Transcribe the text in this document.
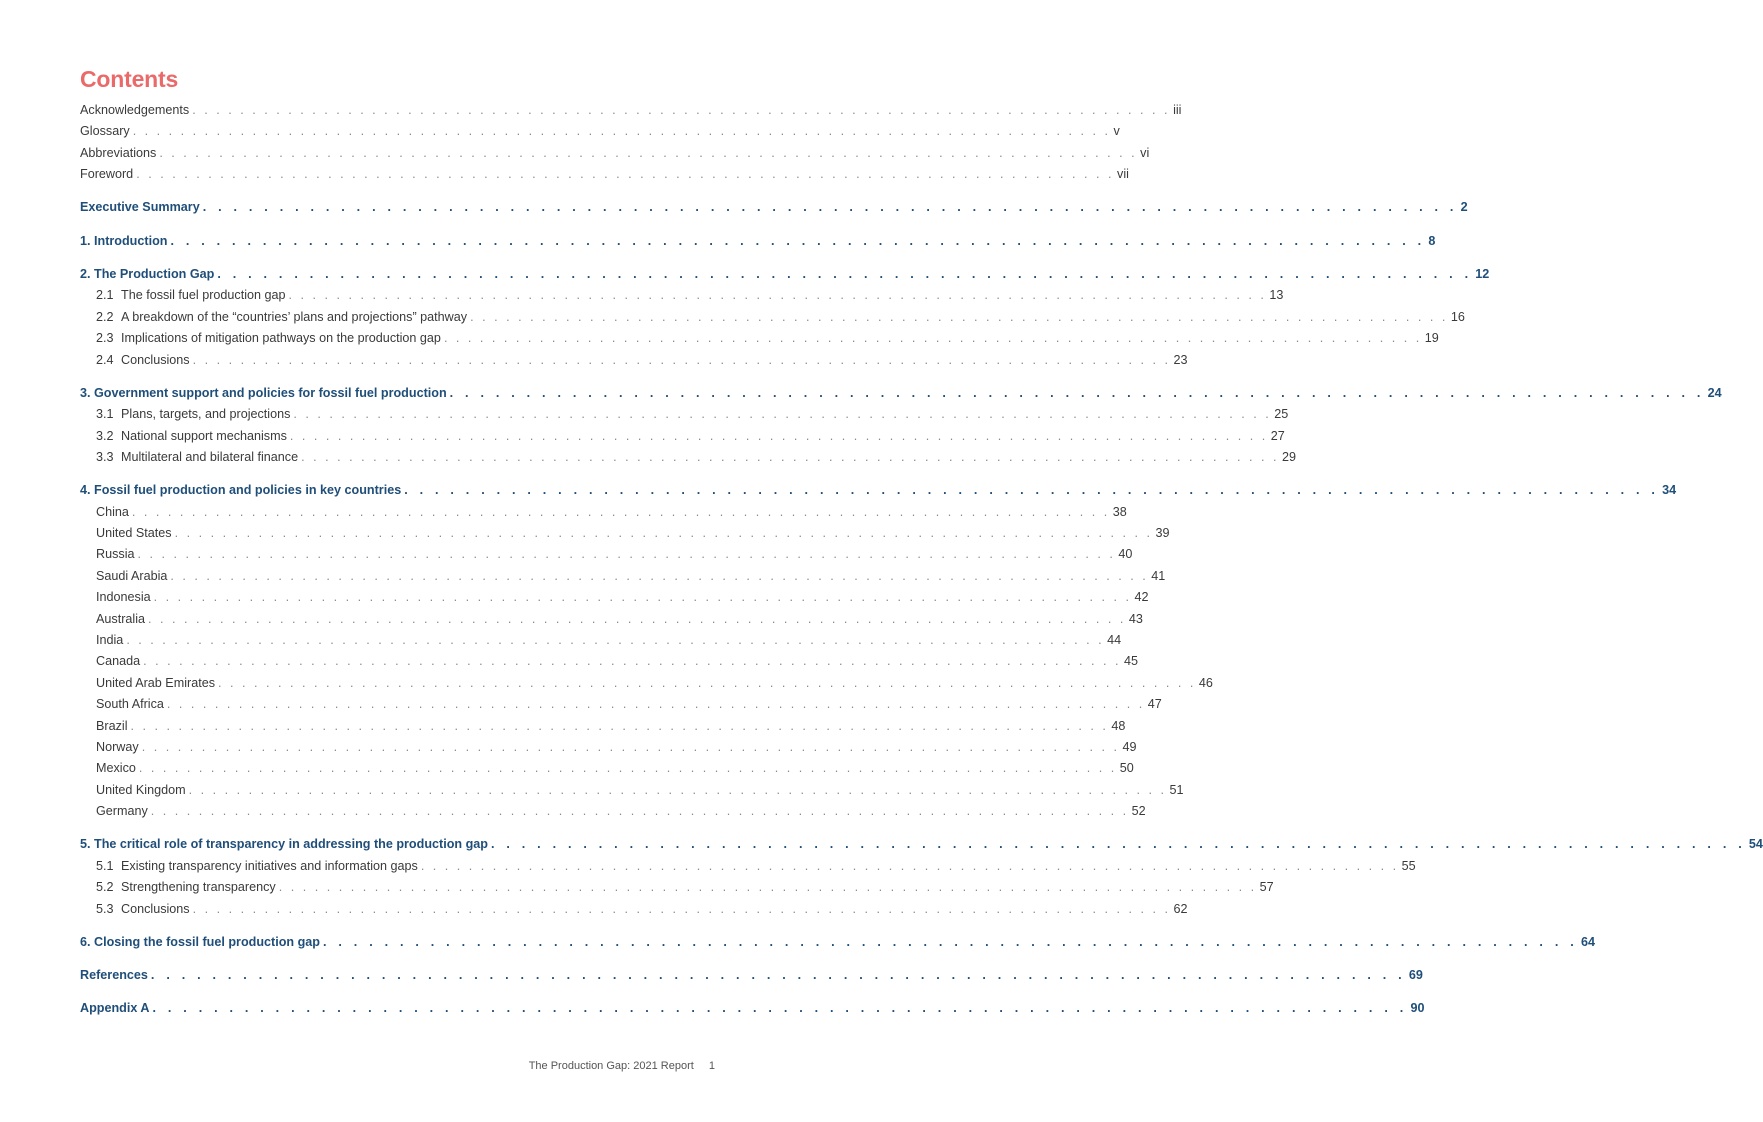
Contents
Acknowledgements . . . . . . . . . . . . . . . . . . . . . . . . . . . . . . . . . . . . . . . . . . . . . . . . . . . . . . . . . . . . . . . . . . . . . . . . . . . . . . . . . . iii
Glossary . . . . . . . . . . . . . . . . . . . . . . . . . . . . . . . . . . . . . . . . . . . . . . . . . . . . . . . . . . . . . . . . . . . . . . . . . . . . . . . . . . v
Abbreviations . . . . . . . . . . . . . . . . . . . . . . . . . . . . . . . . . . . . . . . . . . . . . . . . . . . . . . . . . . . . . . . . . . . . . . . . . . . . . . . . . . vi
Foreword . . . . . . . . . . . . . . . . . . . . . . . . . . . . . . . . . . . . . . . . . . . . . . . . . . . . . . . . . . . . . . . . . . . . . . . . . . . . . . . . . . vii
Executive Summary . . . . . . . . . . . . . . . . . . . . . . . . . . . . . . . . . . . . . . . . . . . . . . . . . . . . . . . . . . . . . . . . . . . . . . . . . . . . . . . . . . 2
1. Introduction . . . . . . . . . . . . . . . . . . . . . . . . . . . . . . . . . . . . . . . . . . . . . . . . . . . . . . . . . . . . . . . . . . . . . . . . . . . . . . . . . . 8
2. The Production Gap . . . . . . . . . . . . . . . . . . . . . . . . . . . . . . . . . . . . . . . . . . . . . . . . . . . . . . . . . . . . . . . . . . . . . . . . . . . . . . . . . . 12
2.1 The fossil fuel production gap . . . . . . . . . . . . . . . . . . . . . . . . . . . . . . . . . . . . . . . . . . . . . . . . . . . . . . . . . . . . . . . . . . . . . . . . . . . . . . . . . . 13
2.2 A breakdown of the “countries’ plans and projections” pathway . . . . . . . . . . . . . . . . . . . . . . . . . . . . . . . . . . . . . . . . . . . . . . . . . . . . . . . . . . . . . . . . . . . . . . . . . . . . . . . . . . 16
2.3 Implications of mitigation pathways on the production gap . . . . . . . . . . . . . . . . . . . . . . . . . . . . . . . . . . . . . . . . . . . . . . . . . . . . . . . . . . . . . . . . . . . . . . . . . . . . . . . . . . 19
2.4 Conclusions . . . . . . . . . . . . . . . . . . . . . . . . . . . . . . . . . . . . . . . . . . . . . . . . . . . . . . . . . . . . . . . . . . . . . . . . . . . . . . . . . . 23
3. Government support and policies for fossil fuel production . . . . . . . . . . . . . . . . . . . . . . . . . . . . . . . . . . . . . . . . . . . . . . . . . . . . . . . . . . . . . . . . . . . . . . . . . . . . . . . . . . 24
3.1 Plans, targets, and projections . . . . . . . . . . . . . . . . . . . . . . . . . . . . . . . . . . . . . . . . . . . . . . . . . . . . . . . . . . . . . . . . . . . . . . . . . . . . . . . . . . 25
3.2 National support mechanisms . . . . . . . . . . . . . . . . . . . . . . . . . . . . . . . . . . . . . . . . . . . . . . . . . . . . . . . . . . . . . . . . . . . . . . . . . . . . . . . . . . 27
3.3 Multilateral and bilateral finance . . . . . . . . . . . . . . . . . . . . . . . . . . . . . . . . . . . . . . . . . . . . . . . . . . . . . . . . . . . . . . . . . . . . . . . . . . . . . . . . . . 29
4. Fossil fuel production and policies in key countries . . . . . . . . . . . . . . . . . . . . . . . . . . . . . . . . . . . . . . . . . . . . . . . . . . . . . . . . . . . . . . . . . . . . . . . . . . . . . . . . . . 34
China . . . . . . . . . . . . . . . . . . . . . . . . . . . . . . . . . . . . . . . . . . . . . . . . . . . . . . . . . . . . . . . . . . . . . . . . . . . . . . . . . . 38
United States . . . . . . . . . . . . . . . . . . . . . . . . . . . . . . . . . . . . . . . . . . . . . . . . . . . . . . . . . . . . . . . . . . . . . . . . . . . . . . . . . . 39
Russia . . . . . . . . . . . . . . . . . . . . . . . . . . . . . . . . . . . . . . . . . . . . . . . . . . . . . . . . . . . . . . . . . . . . . . . . . . . . . . . . . . 40
Saudi Arabia . . . . . . . . . . . . . . . . . . . . . . . . . . . . . . . . . . . . . . . . . . . . . . . . . . . . . . . . . . . . . . . . . . . . . . . . . . . . . . . . . . 41
Indonesia . . . . . . . . . . . . . . . . . . . . . . . . . . . . . . . . . . . . . . . . . . . . . . . . . . . . . . . . . . . . . . . . . . . . . . . . . . . . . . . . . . 42
Australia . . . . . . . . . . . . . . . . . . . . . . . . . . . . . . . . . . . . . . . . . . . . . . . . . . . . . . . . . . . . . . . . . . . . . . . . . . . . . . . . . . 43
India . . . . . . . . . . . . . . . . . . . . . . . . . . . . . . . . . . . . . . . . . . . . . . . . . . . . . . . . . . . . . . . . . . . . . . . . . . . . . . . . . . 44
Canada . . . . . . . . . . . . . . . . . . . . . . . . . . . . . . . . . . . . . . . . . . . . . . . . . . . . . . . . . . . . . . . . . . . . . . . . . . . . . . . . . . 45
United Arab Emirates . . . . . . . . . . . . . . . . . . . . . . . . . . . . . . . . . . . . . . . . . . . . . . . . . . . . . . . . . . . . . . . . . . . . . . . . . . . . . . . . . . 46
South Africa . . . . . . . . . . . . . . . . . . . . . . . . . . . . . . . . . . . . . . . . . . . . . . . . . . . . . . . . . . . . . . . . . . . . . . . . . . . . . . . . . . 47
Brazil . . . . . . . . . . . . . . . . . . . . . . . . . . . . . . . . . . . . . . . . . . . . . . . . . . . . . . . . . . . . . . . . . . . . . . . . . . . . . . . . . . 48
Norway . . . . . . . . . . . . . . . . . . . . . . . . . . . . . . . . . . . . . . . . . . . . . . . . . . . . . . . . . . . . . . . . . . . . . . . . . . . . . . . . . . 49
Mexico . . . . . . . . . . . . . . . . . . . . . . . . . . . . . . . . . . . . . . . . . . . . . . . . . . . . . . . . . . . . . . . . . . . . . . . . . . . . . . . . . . 50
United Kingdom . . . . . . . . . . . . . . . . . . . . . . . . . . . . . . . . . . . . . . . . . . . . . . . . . . . . . . . . . . . . . . . . . . . . . . . . . . . . . . . . . . 51
Germany . . . . . . . . . . . . . . . . . . . . . . . . . . . . . . . . . . . . . . . . . . . . . . . . . . . . . . . . . . . . . . . . . . . . . . . . . . . . . . . . . . 52
5. The critical role of transparency in addressing the production gap . . . . . . . . . . . . . . . . . . . . . . . . . . . . . . . . . . . . . . . . . . . . . . . . . . . . . . . . . . . . . . . . . . . . . . . . . . . . . . . . . . 54
5.1 Existing transparency initiatives and information gaps . . . . . . . . . . . . . . . . . . . . . . . . . . . . . . . . . . . . . . . . . . . . . . . . . . . . . . . . . . . . . . . . . . . . . . . . . . . . . . . . . . 55
5.2 Strengthening transparency . . . . . . . . . . . . . . . . . . . . . . . . . . . . . . . . . . . . . . . . . . . . . . . . . . . . . . . . . . . . . . . . . . . . . . . . . . . . . . . . . . 57
5.3 Conclusions . . . . . . . . . . . . . . . . . . . . . . . . . . . . . . . . . . . . . . . . . . . . . . . . . . . . . . . . . . . . . . . . . . . . . . . . . . . . . . . . . . 62
6. Closing the fossil fuel production gap . . . . . . . . . . . . . . . . . . . . . . . . . . . . . . . . . . . . . . . . . . . . . . . . . . . . . . . . . . . . . . . . . . . . . . . . . . . . . . . . . . 64
References . . . . . . . . . . . . . . . . . . . . . . . . . . . . . . . . . . . . . . . . . . . . . . . . . . . . . . . . . . . . . . . . . . . . . . . . . . . . . . . . . . 69
Appendix A . . . . . . . . . . . . . . . . . . . . . . . . . . . . . . . . . . . . . . . . . . . . . . . . . . . . . . . . . . . . . . . . . . . . . . . . . . . . . . . . . . 90
The Production Gap: 2021 Report 1
